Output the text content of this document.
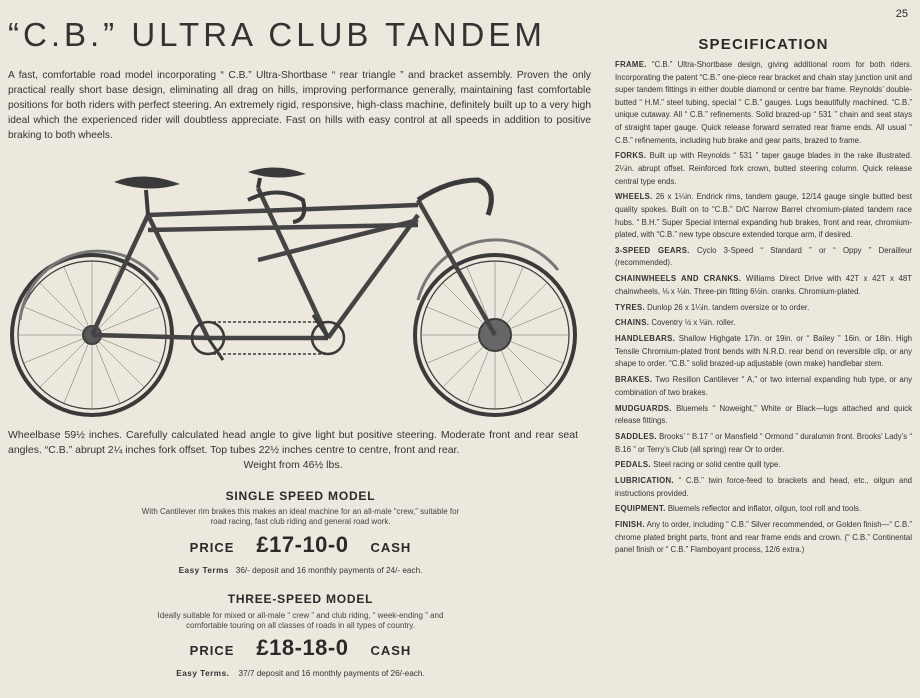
25
“C.B.” ULTRA CLUB TANDEM
A fast, comfortable road model incorporating “ C.B.” Ultra-Shortbase “ rear triangle ” and bracket assembly. Proven the only practical really short base design, eliminating all drag on hills, improving performance generally, maintaining fast comfortable positions for both riders with perfect steering. An extremely rigid, responsive, high-class machine, definitely built up to a very high ideal which the experienced rider will doubtless appreciate. Fast on hills with easy control at all speeds in addition to positive braking to both wheels.
Wheelbase 59½ inches. Carefully calculated head angle to give light but positive steering. Moderate front and rear seat angles. “C.B.” abrupt 2¼ inches fork offset. Top tubes 22½ inches centre to centre, front and rear.
Weight from 46½ lbs.
SINGLE SPEED MODEL
With Cantilever rim brakes this makes an ideal machine for an all-male “crew,” suitable for road racing, fast club riding and general road work.
PRICE £17-10-0 CASH
Easy Terms 36/- deposit and 16 monthly payments of 24/- each.
THREE-SPEED MODEL
Ideally suitable for mixed or all-male “ crew ” and club riding, “ week-ending ” and comfortable touring on all classes of roads in all types of country.
PRICE £18-18-0 CASH
Easy Terms. 37/7 deposit and 16 monthly payments of 26/-each.
SPECIFICATION
FRAME. “C.B.” Ultra-Shortbase design, giving additional room for both riders. Incorporating the patent “C.B.” one-piece rear bracket and chain stay junction unit and super tandem fittings in either double diamond or centre bar frame. Reynolds’ double-butted “ H.M.” steel tubing, special “ C.B.” gauges. Lugs beautifully machined. “C.B.” unique cutaway. All “ C.B.” refinements. Solid brazed-up “ 531 ” chain and seat stays of straight taper gauge. Quick release forward serrated rear frame ends. All usual “ C.B.” refinements, including hub brake and gear parts, brazed to frame.
FORKS. Built up with Reynolds “ 531 ” taper gauge blades in the rake illustrated. 2¼in. abrupt offset. Reinforced fork crown, butted steering column. Quick release central type ends.
WHEELS. 26 x 1¼in. Endrick rims, tandem gauge, 12/14 gauge single butted best quality spokes. Built on to “C.B.” D/C Narrow Barrel chromium-plated tandem race hubs. “ B.H.” Super Special internal expanding hub brakes, front and rear, chromium-plated, with “C.B.” new type obscure extended torque arm, if desired.
3-SPEED GEARS. Cyclo 3-Speed “ Standard ” or “ Oppy ” Derailleur (recommended).
CHAINWHEELS AND CRANKS. Williams Direct Drive with 42T x 42T x 48T chainwheels, ⅛ x ⅛in. Three-pin fitting 6½in. cranks. Chromium-plated.
TYRES. Dunlop 26 x 1¼in. tandem oversize or to order.
CHAINS. Coventry ½ x ⅛in. roller.
HANDLEBARS. Shallow Highgate 17in. or 19in. or “ Bailey ” 16in. or 18in. High Tensile Chromium-plated front bends with N.R.D. rear bend on reversible clip, or any shape to order. “C.B.” solid brazed-up adjustable (own make) handlebar stem.
BRAKES. Two Resilion Cantilever “ A,” or two internal expanding hub type, or any combination of two brakes.
MUDGUARDS. Bluemels “ Noweight,” White or Black—lugs attached and quick release fittings.
SADDLES. Brooks’ “ B.17 ” or Mansfield “ Ormond ” duralumin front. Brooks’ Lady’s “ B.16 ” or Terry’s Club (all spring) rear Or to order.
PEDALS. Steel racing or solid centre quill type.
LUBRICATION. “ C.B.” twin force-feed to brackets and head, etc., oilgun and instructions provided.
EQUIPMENT. Bluemels reflector and inflator, oilgun, tool roll and tools.
FINISH. Any to order, including “ C.B.” Silver recommended, or Golden finish—“ C.B.” chrome plated bright parts, front and rear frame ends and crown. (“ C.B.” Continental panel finish or “ C.B.” Flamboyant process, 12/6 extra.)
